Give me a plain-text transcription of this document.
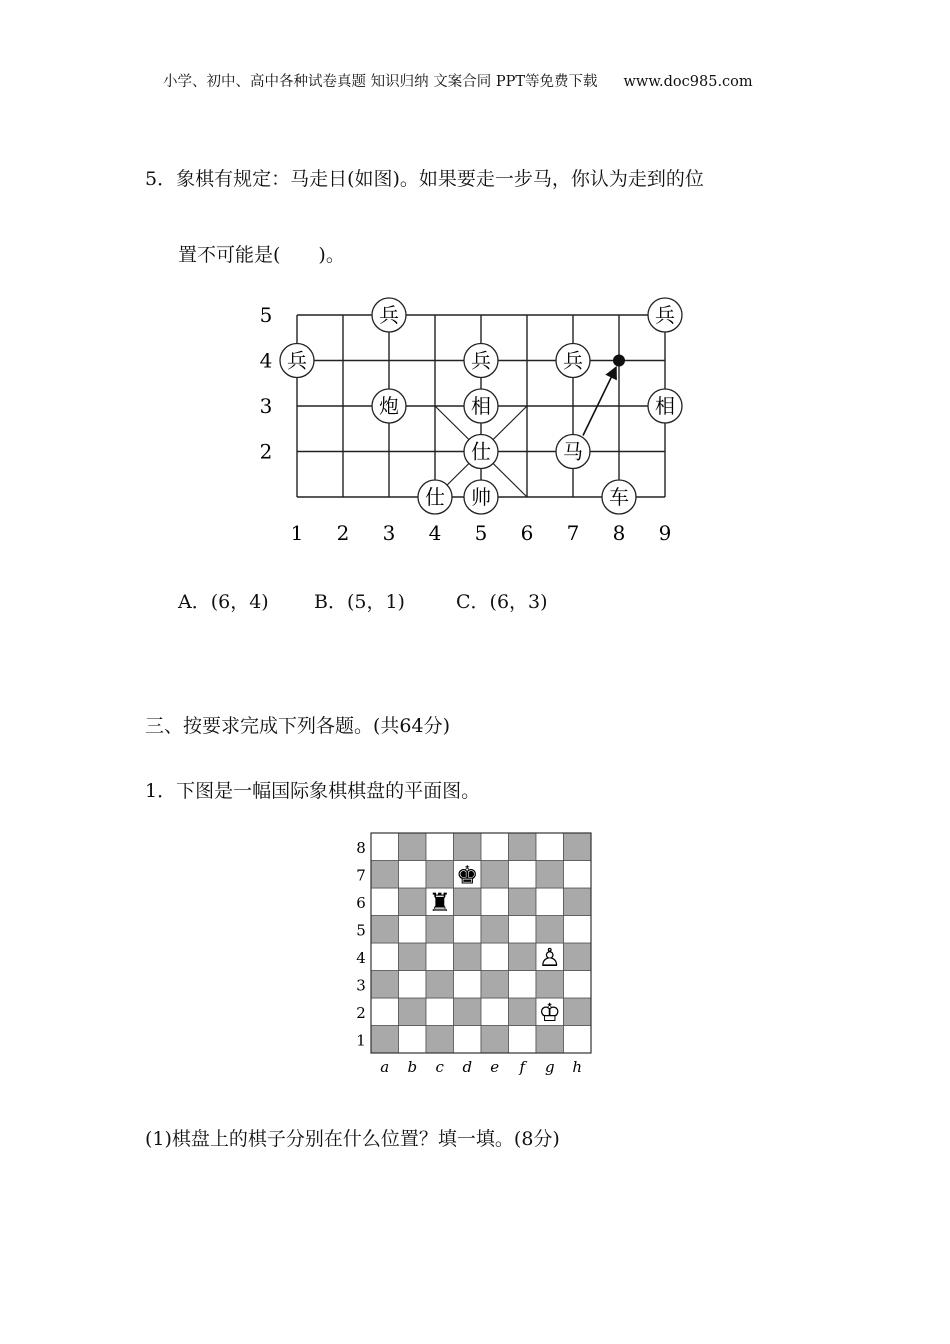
小学、初中、高中各种试卷真题 知识归纳 文案合同 PPT等免费下载 www.doc985.com
5．象棋有规定：马走日(如图)。如果要走一步马，你认为走到的位
置不可能是(　　)。
1 2 3 4 5 6 7 8 9
2
3
4
5	兵	兵
兵	兵	兵
炮	相	相
仕	马
仕 帅	车
A．(6，4) B．(5，1)	C．(6，3)
三、按要求完成下列各题。(共64分)
1．下图是一幅国际象棋棋盘的平面图。
1
2
3
4
5
6
7
8
a b c d e f g h
♚
♜
♙
♔
(1)棋盘上的棋子分别在什么位置？填一填。(8分)
